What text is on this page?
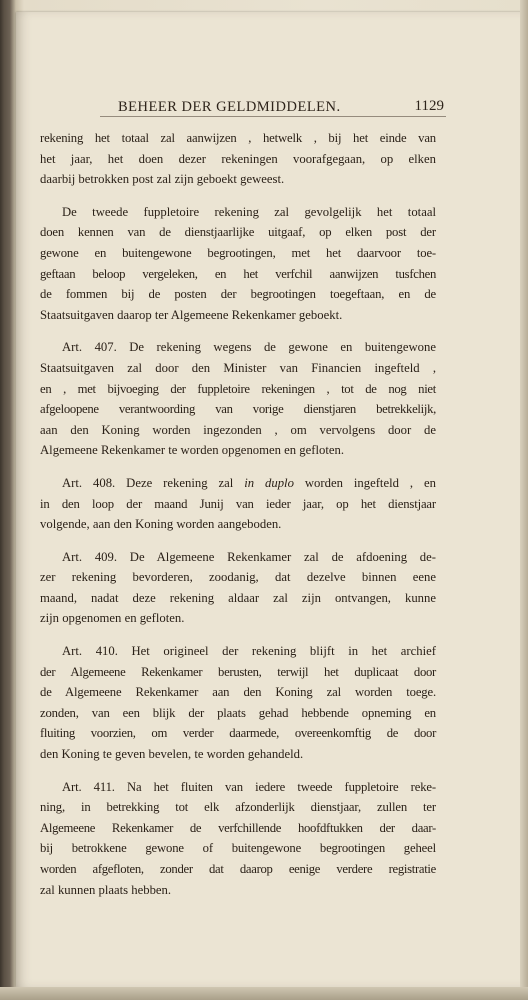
BEHEER DER GELDMIDDELEN.	1129

rekening het totaal zal aanwijzen , hetwelk , bij het einde van
het jaar, het doen dezer rekeningen voorafgegaan, op elken
daarbij betrokken post zal zijn geboekt geweest.

De tweede fuppletoire rekening zal gevolgelijk het totaal
doen kennen van de dienstjaarlijke uitgaaf, op elken post der
gewone en buitengewone begrootingen, met het daarvoor toe-
geftaan beloop vergeleken, en het verfchil aanwijzen tusfchen
de fommen bij de posten der begrootingen toegeftaan, en de
Staatsuitgaven daarop ter Algemeene Rekenkamer geboekt.

Art. 407. De rekening wegens de gewone en buitengewone
Staatsuitgaven zal door den Minister van Financien ingefteld ,
en , met bijvoeging der fuppletoire rekeningen , tot de nog niet
afgeloopene verantwoording van vorige dienstjaren betrekkelijk,
aan den Koning worden ingezonden , om vervolgens door de
Algemeene Rekenkamer te worden opgenomen en gefloten.

Art. 408. Deze rekening zal in duplo worden ingefteld , en
in den loop der maand Junij van ieder jaar, op het dienstjaar
volgende, aan den Koning worden aangeboden.

Art. 409. De Algemeene Rekenkamer zal de afdoening de-
zer rekening bevorderen, zoodanig, dat dezelve binnen eene
maand, nadat deze rekening aldaar zal zijn ontvangen, kunne
zijn opgenomen en gefloten.

Art. 410. Het origineel der rekening blijft in het archief
der Algemeene Rekenkamer berusten, terwijl het duplicaat door
de Algemeene Rekenkamer aan den Koning zal worden toege.
zonden, van een blijk der plaats gehad hebbende opneming en
fluiting voorzien, om verder daarmede, overeenkomftig de door
den Koning te geven bevelen, te worden gehandeld.

Art. 411. Na het fluiten van iedere tweede fuppletoire reke-
ning, in betrekking tot elk afzonderlijk dienstjaar, zullen ter
Algemeene Rekenkamer de verfchillende hoofdftukken der daar-
bij betrokkene gewone of buitengewone begrootingen geheel
worden afgefloten, zonder dat daarop eenige verdere registratie
zal kunnen plaats hebben.
